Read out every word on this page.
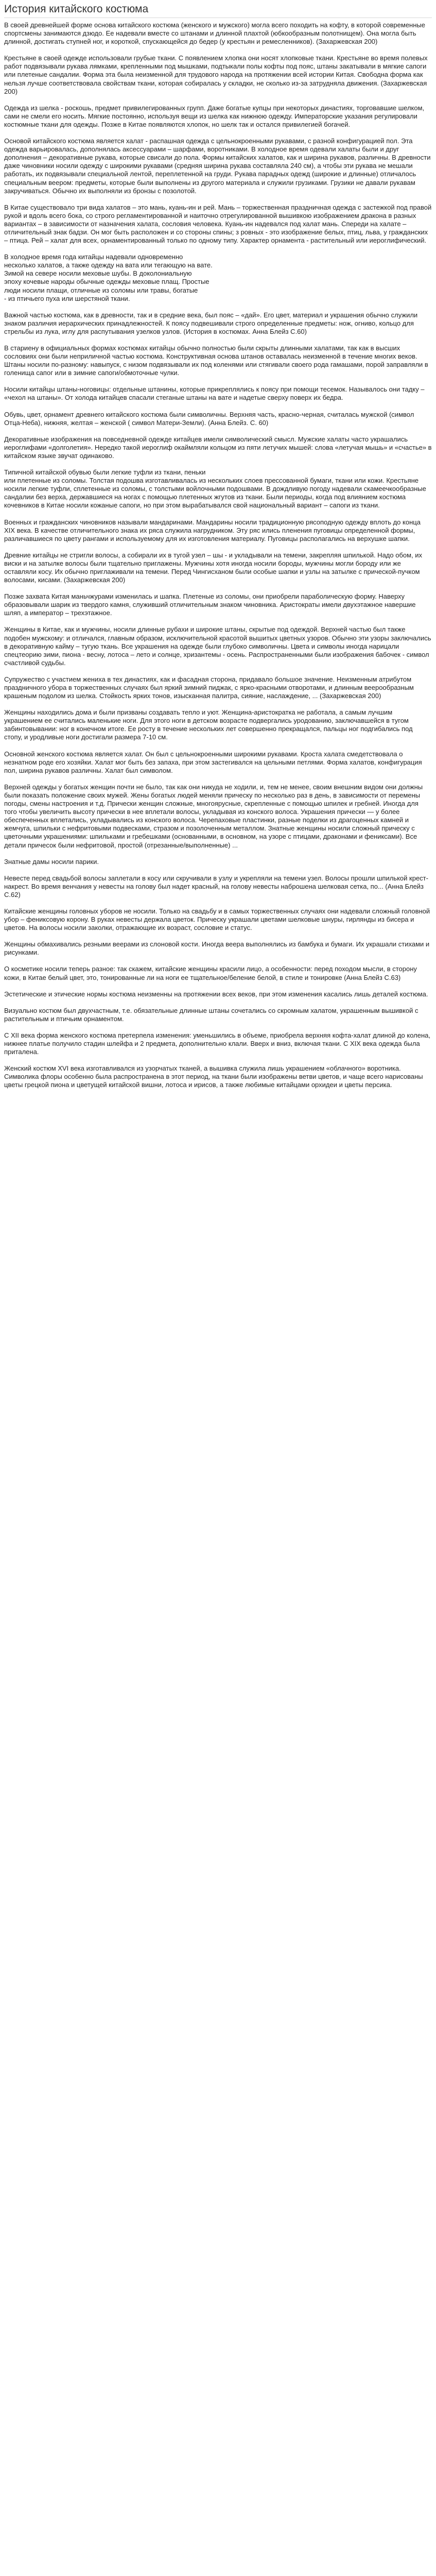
История китайского костюма

В своей древнейшей форме основа китайского костюма (женского и мужского) могла всего походить на кофту, в которой современные спортсмены занимаются дзюдо. Ее надевали вместе со штанами и длинной плахтой (юбкообразным полотнищем). Она могла быть длинной, достигать ступней ног, и короткой, спускающейся до бедер (у крестьян и ремесленников). (Захаржевская 200)

Крестьяне в своей одежде использовали грубые ткани. С появлением хлопка они носят хлопковые ткани. Крестьяне во время полевых работ подвязывали рукава лямками, крепленными под мышками, подтыкали полы кофты под пояс, штаны закатывали в мягкие сапоги или плетеные сандалии. Форма эта была неизменной для трудового народа на протяжении всей истории Китая. Свободна форма как нельзя лучше соответствовала свойствам ткани, которая собиралась у складки, не сколько из-за затрудняла движения. (Захаржевская 200)

Одежда из шелка - роскошь, предмет привилегированных групп. Даже богатые купцы при некоторых династиях, торговавшие шелком, сами не смели его носить. Мягкие постоянно, используя вещи из шелка как нижнюю одежду. Императорские указания регулировали костюмные ткани для одежды. Позже в Китае появляются хлопок, но шелк так и остался привилегией богачей.

Основой китайского костюма является халат - распашная одежда с цельнокроенными рукавами, с разной конфигурацией пол. Эта одежда варьировалась, дополнялась аксессуарами – шарфами, воротниками. В холодное время одевали халаты были и друг дополнения – декоративные рукава, которые свисали до пола. Формы китайских халатов, как и ширина рукавов, различны. В древности даже чиновники носили одежду с широкими рукавами (средняя ширина рукава составляла 240 см), а чтобы эти рукава не мешали работать, их подвязывали специальной лентой, переплетенной на груди. Рукава парадных одежд (широкие и длинные) отличалось специальным веером: предметы, которые были выполнены из другого материала и служили грузиками. Грузики не давали рукавам закручиваться. Обычно их выполняли из бронзы с позолотой.

В Китае существовало три вида халатов – это мань, куань-ин и рей. Мань – торжественная праздничная одежда с застежкой под правой рукой и вдоль всего бока, со строго регламентированной и наиточно отрегулированной вышивкою изображением дракона в разных вариантах – в зависимости от назначения халата, сословия человека. Куань-ин надевался под халат мань. Спереди на халате – отличительный знак бадзи. Он мог быть расположен и со стороны спины; з ровных - это изображение белых, птиц, льва, у гражданских – птица. Рей – халат для всех, орнаментированный только по одному типу. Характер орнамента - растительный или иероглифический.

В холодное время года китайцы надевали одновременно
несколько халатов, а также одежду на вата или тегающую на вате.
Зимой на севере носили меховые шубы. В доколониальную
эпоху кочевые народы обычные одежды меховые плащ. Простые
люди носили плащи, отличные из соломы или травы, богатые
- из птичьего пуха или шерстяной ткани.

Важной частью костюма, как в древности, так и в средние века, был пояс – «дай». Его цвет, материал и украшения обычно служили знаком различия иерархических принадлежностей. К поясу подвешивали строго определенные предметы: нож, огниво, кольцо для стрельбы из лука, иглу для распутывания узелков узлов. (История в костюмах. Анна Блейз С.60)

В стариену в официальных формах костюмах китайцы обычно полностью были скрыты длинными халатами, так как в высших сословиях они были неприличной частью костюма. Конструктивная основа штанов оставалась неизменной в течение многих веков. Штаны носили по-разному: навыпуск, с низом подвязывали их под коленями или стягивали своего рода гамашами, порой заправляли в голенища сапог или в зимние сапоги/обмоточные чулки.

Носили китайцы штаны-ноговицы: отдельные штанины, которые прикреплялись к поясу при помощи тесемок. Называлось они тадку – «чехол на штаны». От холода китайцев спасали стеганые штаны на вате и надетые сверху поверх их бедра.

Обувь, цвет, орнамент древнего китайского костюма были символичны. Верхняя часть, красно-черная, считалась мужской (символ Отца-Неба), нижняя, желтая – женской ( символ Матери-Земли). (Анна Блейз. С. 60)

Декоративные изображения на повседневной одежде китайцев имели символический смысл. Мужские халаты часто украшались
иероглифами «долголетия». Нередко такой иероглиф окаймляли кольцом из пяти летучих мышей: слова «летучая мышь» и «счастье» в
китайском языке звучат одинаково.

Типичной китайской обувью были легкие туфли из ткани, пеньки
или плетенные из соломы. Толстая подошва изготавливалась из нескольких слоев прессованной бумаги, ткани или кожи. Крестьяне носили легкие туфли, сплетенные из соломы, с толстыми войлочными подошвами. В дождливую погоду надевали скамеечкообразные сандалии без верха, державшиеся на ногах с помощью плетенных жгутов из ткани. Были периоды, когда под влиянием костюма кочевников в Китае носили кожаные сапоги, но при этом вырабатывался свой национальный вариант – сапоги из ткани.

Военных и гражданских чиновников называли мандаринами. Мандарины носили традиционную рясоподную одежду вплоть до конца XIX века. В качестве отличительного знака их ряса служила нагрудником. Эту ряс ились пленения пуговицы определенной формы, различавшиеся по цвету рангами и используемому для их изготовления материалу. Пуговицы располагались на верхушке шапки.

Древние китайцы не стригли волосы, а собирали их в тугой узел – шы - и укладывали на темени, закрепляя шпилькой. Надо обом, их виски и на затылке волосы были тщательно приглажены. Мужчины хотя иногда носили бороды, мужчины могли бороду или же оставляли косу. Их обычно приглаживали на темени. Перед Чингисханом были особые шапки и узлы на затылке с прической-пучком волосами, кисами. (Захаржевская 200)

Позже захвата Китая маньчжурами изменилась и шапка. Плетеные из соломы, они приобрели параболическую форму. Наверху образовывали шарик из твердого камня, служивший отличительным знаком чиновника. Аристократы имели двухэтажное навершие шляп, а император – трехэтажное.

Женщины в Китае, как и мужчины, носили длинные рубахи и широкие штаны, скрытые под одеждой. Верхней частью был также подобен мужскому: и отличался, главным образом, исключительной красотой вышитых цветных узоров. Обычно эти узоры заключались в декоративную кайму – тугую ткань. Все украшения на одежде были глубоко символичны. Цвета и символы иногда нарицали спецтеорию зими, пиона - весну, лотоса – лето и солнце, хризантемы - осень. Распространенными были изображения бабочек - символ счастливой судьбы.

Супружество с участием жениха в тех династиях, как и фасадная сторона, придавало большое значение. Неизменным атрибутом праздничного убора в торжественных случаях был яркий зимний пиджак, с ярко-красными отворотами, и длинным веерообразным крашеным подолом из шелка. Стойкость ярких тонов, изысканная палитра, сияние, наслаждение, ... (Захаржевская 200)

Женщины находились дома и были призваны создавать тепло и уют. Женщина-аристократка не работала, а самым лучшим украшением ее считались маленькие ноги. Для этого ноги в детском возрасте подвергались уродованию, заключавшейся в тугом забинтовывании: ног в конечном итоге. Ее росту в течение нескольких лет совершенно прекращался, пальцы ног подгибались под стопу, и уродливые ноги достигали размера 7-10 см.

Основной женского костюма является халат. Он был с цельнокроенными широкими рукавами. Кроста халата смедетствовала о незнатном роде его хозяйки. Халат мог быть без запаха, при этом застегивался на цельными петлями. Форма халатов, конфигурация пол, ширина рукавов различны. Халат был символом.

Верхней одежды у богатых женщин почти не было, так как они никуда не ходили, и, тем не менее, своим внешним видом они должны были показать положение своих мужей. Жены богатых людей меняли прическу по несколько раз в день, в зависимости от перемены погоды, смены настроения и т.д. Прически женщин сложные, многоярусные, скрепленные с помощью шпилек и гребней. Иногда для того чтобы увеличить высоту прически в нее вплетали волосы, укладывая из конского волоса. Украшения прически — у более обеспеченных вплетались, укладывались из конского волоса. Черепаховые пластинки, разные поделки из драгоценных камней и жемчуга, шпильки с нефритовыми подвесками, стразом и позолоченным металлом. Знатные женщины носили сложный прическу с цветочными украшениями: шпильками и гребешками (основанными, в основном, на узоре с птицами, драконами и фениксами). Все детали причесок были нефритовой, простой (отрезанные/выполненные) ...

Знатные дамы носили парики.

Невесте перед свадьбой волосы заплетали в косу или скручивали в узлу и укрепляли на темени узел. Волосы прошли шпилькой крест-накрест. Во время венчания у невесты на голову был надет красный, на голову невесты наброшена шелковая сетка, по... (Анна Блейз С.62)

Китайские женщины головных уборов не носили. Только на свадьбу и в самых торжественных случаях они надевали сложный головной убор – фениксовую корону. В руках невесты держала цветок. Прическу украшали цветами шелковые шнуры, гирлянды из бисера и цветов. На волосы носили заколки, отражающие их возраст, сословие и статус.

Женщины обмахивались резными веерами из слоновой кости. Иногда веера выполнялись из бамбука и бумаги. Их украшали стихами и рисунками.

О косметике носили теперь разное: так скажем, китайские женщины красили лицо, а особенности: перед походом мысли, в сторону кожи, в Китае белый цвет, это, тонированные ли на ноги ее тщательное/беление белой, в стиле и тонировке (Анна Блейз С.63)

Эстетические и этические нормы костюма неизменны на протяжении всех веков, при этом изменения касались лишь деталей костюма.

Визуально костюм был двухчастным, т.е. обязательные длинные штаны сочетались со скромным халатом, украшенным вышивкой с растительным и птичьим орнаментом.

С XII века форма женского костюма претерпела изменения: уменьшились в объеме, приобрела верхняя кофта-халат длиной до колена, нижнее платье получило стадин шлейфа и 2 предмета, дополнительно клали. Вверх и вниз, включая ткани. С XIX века одежда была приталена.

Женский костюм XVI века изготавливался из узорчатых тканей, а вышивка служила лишь украшением «облачного» воротника. Символика флоры особенно была распространена в этот период, на ткани были изображены ветви цветов, и чаще всего нарисованы цветы грецкой пиона и цветущей китайской вишни, лотоса и ирисов, а также любимые китайцами орхидеи и цветы персика.
